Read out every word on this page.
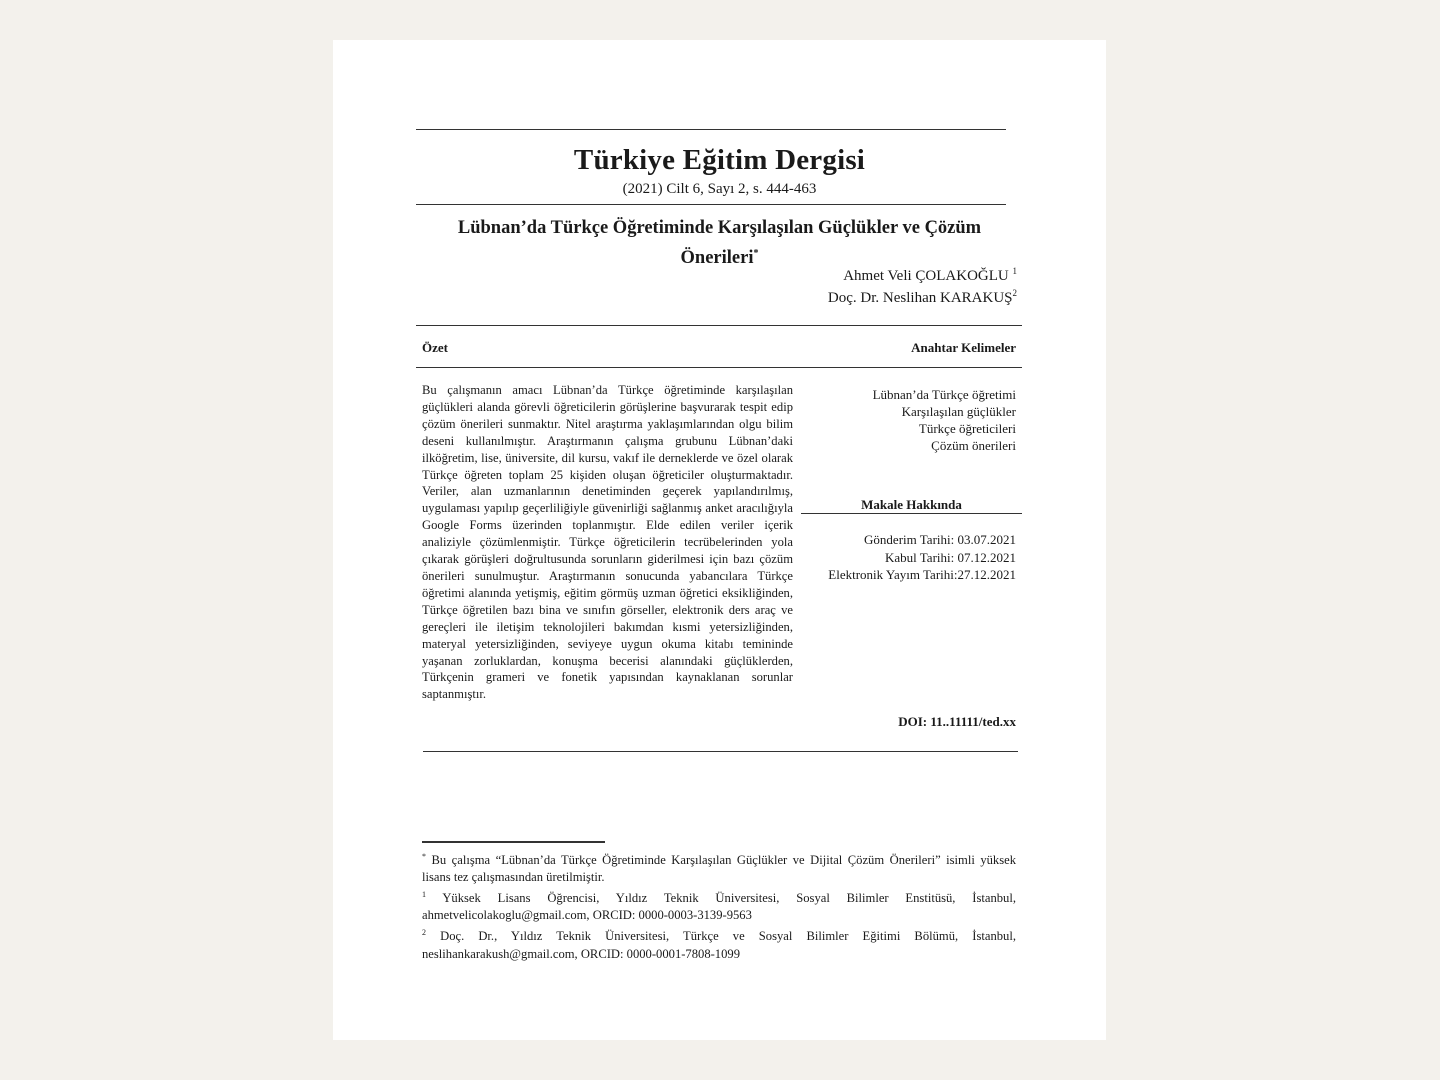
Türkiye Eğitim Dergisi
(2021) Cilt 6, Sayı 2, s. 444-463
Lübnan’da Türkçe Öğretiminde Karşılaşılan Güçlükler ve Çözüm Önerileri*
Ahmet Veli ÇOLAKOĞLU $^1$
Doç. Dr. Neslihan KARAKUŞ$^2$
Özet	Anahtar Kelimeler
Bu çalışmanın amacı Lübnan’da Türkçe öğretiminde karşılaşılan güçlükleri alanda görevli öğreticilerin görüşlerine başvurarak tespit edip çözüm önerileri sunmaktır. Nitel araştırma yaklaşımlarından olgu bilim deseni kullanılmıştır. Araştırmanın çalışma grubunu Lübnan’daki ilköğretim, lise, üniversite, dil kursu, vakıf ile derneklerde ve özel olarak Türkçe öğreten toplam 25 kişiden oluşan öğreticiler oluşturmaktadır. Veriler, alan uzmanlarının denetiminden geçerek yapılandırılmış, uygulaması yapılıp geçerliliğiyle güvenirliği sağlanmış anket aracılığıyla Google Forms üzerinden toplanmıştır. Elde edilen veriler içerik analiziyle çözümlenmiştir. Türkçe öğreticilerin tecrübelerinden yola çıkarak görüşleri doğrultusunda sorunların giderilmesi için bazı çözüm önerileri sunulmuştur. Araştırmanın sonucunda yabancılara Türkçe öğretimi alanında yetişmiş, eğitim görmüş uzman öğretici eksikliğinden, Türkçe öğretilen bazı bina ve sınıfın görseller, elektronik ders araç ve gereçleri ile iletişim teknolojileri bakımdan kısmi yetersizliğinden, materyal yetersizliğinden, seviyeye uygun okuma kitabı temininde yaşanan zorluklardan, konuşma becerisi alanındaki güçlüklerden, Türkçenin grameri ve fonetik yapısından kaynaklanan sorunlar saptanmıştır.
Lübnan’da Türkçe öğretimi
Karşılaşılan güçlükler
Türkçe öğreticileri
Çözüm önerileri
Makale Hakkında
Gönderim Tarihi: 03.07.2021
Kabul Tarihi: 07.12.2021
Elektronik Yayım Tarihi:27.12.2021
DOI: 11..11111/ted.xx

* Bu çalışma “Lübnan’da Türkçe Öğretiminde Karşılaşılan Güçlükler ve Dijital Çözüm Önerileri” isimli yüksek lisans tez çalışmasından üretilmiştir.

$^1$ Yüksek Lisans Öğrencisi, Yıldız Teknik Üniversitesi, Sosyal Bilimler Enstitüsü, İstanbul, ahmetvelicolakoglu@gmail.com, ORCID: 0000-0003-3139-9563

$^2$ Doç. Dr., Yıldız Teknik Üniversitesi, Türkçe ve Sosyal Bilimler Eğitimi Bölümü, İstanbul, neslihankarakush@gmail.com, ORCID: 0000-0001-7808-1099
